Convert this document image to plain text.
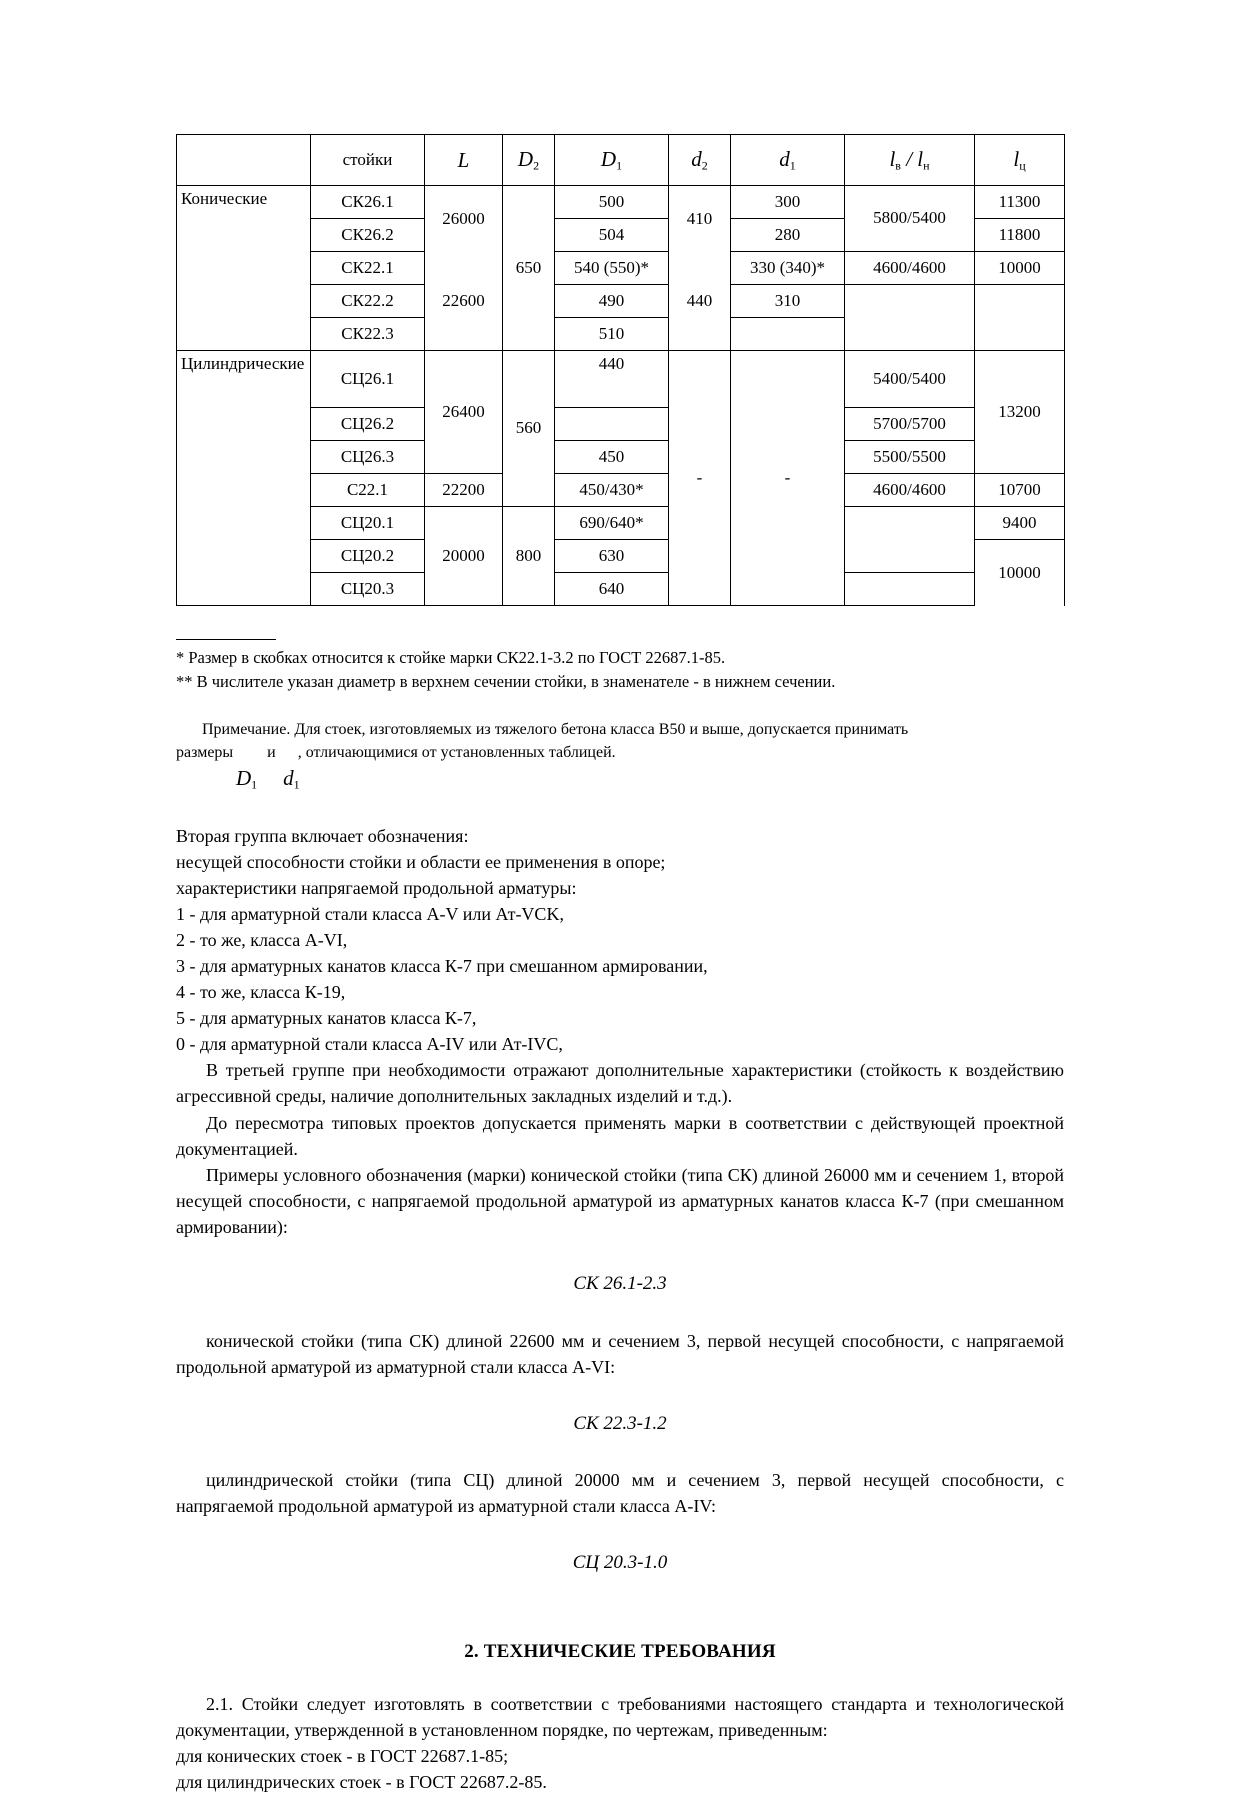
	стойки	L	$D_2$	$D_1$	$d_2$	$d_1$	$l_в / l_н$	$l_ц$
Конические	СК26.1	26000	650	500	410	300	5800/5400	11300
	СК26.2			504		280		11800
	СК22.1	22600		540 (550)*	440	330 (340)*	4600/4600	10000
	СК22.2			490		310		
	СК22.3			510				
Цилиндрические	СЦ26.1	26400	560	440	-	-	5400/5400	13200
	СЦ26.2						5700/5700	
	СЦ26.3			450			5500/5500	
	С22.1	22200		450/430*			4600/4600	10700
	СЦ20.1	20000	800	690/640*				9400
	СЦ20.2			630				10000
	СЦ20.3			640				

* Размер в скобках относится к стойке марки СК22.1-3.2 по ГОСТ 22687.1-85.

** В числителе указан диаметр в верхнем сечении стойки, в знаменателе - в нижнем сечении.

Примечание. Для стоек, изготовляемых из тяжелого бетона класса В50 и выше, допускается принимать
размеры и , отличающимися от установленных таблицей.
$D_1$ $d_1$

Вторая группа включает обозначения:

несущей способности стойки и области ее применения в опоре;

характеристики напрягаемой продольной арматуры:

1 - для арматурной стали класса A-V или Ат-VCK,

2 - то же, класса A-VI,

3 - для арматурных канатов класса К-7 при смешанном армировании,

4 - то же, класса К-19,

5 - для арматурных канатов класса К-7,

0 - для арматурной стали класса A-IV или Ат-IVC,

В третьей группе при необходимости отражают дополнительные характеристики (стойкость к воздействию агрессивной среды, наличие дополнительных закладных изделий и т.д.).

До пересмотра типовых проектов допускается применять марки в соответствии с действующей проектной документацией.

Примеры условного обозначения (марки) конической стойки (типа СК) длиной 26000 мм и сечением 1, второй несущей способности, с напрягаемой продольной арматурой из арматурных канатов класса К-7 (при смешанном армировании):

СК 26.1-2.3

конической стойки (типа СК) длиной 22600 мм и сечением 3, первой несущей способности, с напрягаемой продольной арматурой из арматурной стали класса A-VI:

СК 22.3-1.2

цилиндрической стойки (типа СЦ) длиной 20000 мм и сечением 3, первой несущей способности, с напрягаемой продольной арматурой из арматурной стали класса A-IV:

СЦ 20.3-1.0

2. ТЕХНИЧЕСКИЕ ТРЕБОВАНИЯ

2.1. Стойки следует изготовлять в соответствии с требованиями настоящего стандарта и технологической документации, утвержденной в установленном порядке, по чертежам, приведенным:

для конических стоек - в ГОСТ 22687.1-85;

для цилиндрических стоек - в ГОСТ 22687.2-85.
